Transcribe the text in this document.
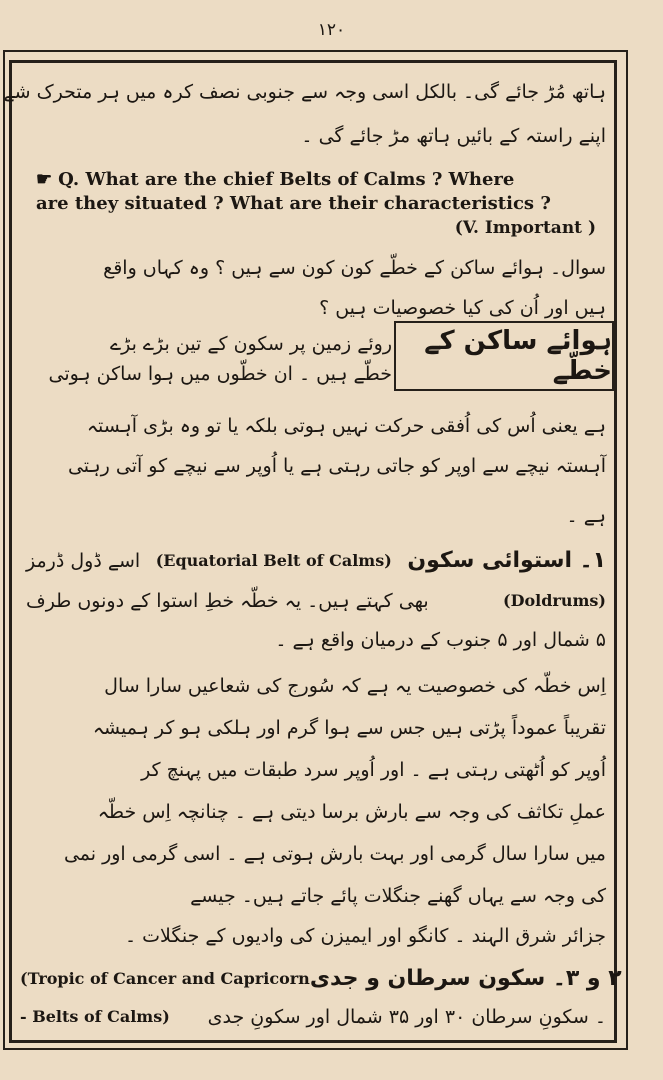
۱۲۰
ہاتھ مُڑ جائے گی۔ بالکل اسی وجہ سے جنوبی نصف کرہ میں ہر متحرک شے
اپنے راستہ کے بائیں ہاتھ مڑ جائے گی ۔
☛ Q. What are the chief Belts of Calms ? Where
are they situated ? What are their characteristics ?
(V. Important )
سوال۔ ہوائے ساکن کے خطّے کون کون سے ہیں ؟ وہ کہاں واقع
ہیں اور اُن کی کیا خصوصیات ہیں ؟
ہوائے ساکن کے خطّے
روئے زمین پر سکون کے تین بڑے بڑے
خطّے ہیں ۔ ان خطّوں میں ہوا ساکن ہوتی
ہے یعنی اُس کی اُفقی حرکت نہیں ہوتی بلکہ یا تو وہ بڑی آہستہ
آہستہ نیچے سے اوپر کو جاتی رہتی ہے یا اُوپر سے نیچے کو آتی رہتی
ہے ۔
اسے ڈول ڈرمز (Equatorial Belt of Calms) ۱۔ استوائی سکون
بھی کہتے ہیں۔ یہ خطّہ خطِ استوا کے دونوں طرف	(Doldrums)
۵ شمال اور ۵ جنوب کے درمیان واقع ہے ۔
اِس خطّہ کی خصوصیت یہ ہے کہ سُورج کی شعاعیں سارا سال
تقریباً عموداً پڑتی ہیں جس سے ہوا گرم اور ہلکی ہو کر ہمیشہ
اُوپر کو اُٹھتی رہتی ہے ۔ اور اُوپر سرد طبقات میں پہنچ کر
عملِ تکاثف کی وجہ سے بارش برسا دیتی ہے ۔ چنانچہ اِس خطّہ
میں سارا سال گرمی اور بہت بارش ہوتی ہے ۔ اسی گرمی اور نمی
کی وجہ سے یہاں گھنے جنگلات پائے جاتے ہیں۔ جیسے
جزائر شرق الہند ۔ کانگو اور ایمیزن کی وادیوں کے جنگلات ۔
(Tropic of Cancer and Capricorn ۲ و ۳۔ سکون سرطان و جدی
- Belts of Calms) ۔ سکونِ سرطان ۳۰ اور ۳۵ شمال اور سکونِ جدی
